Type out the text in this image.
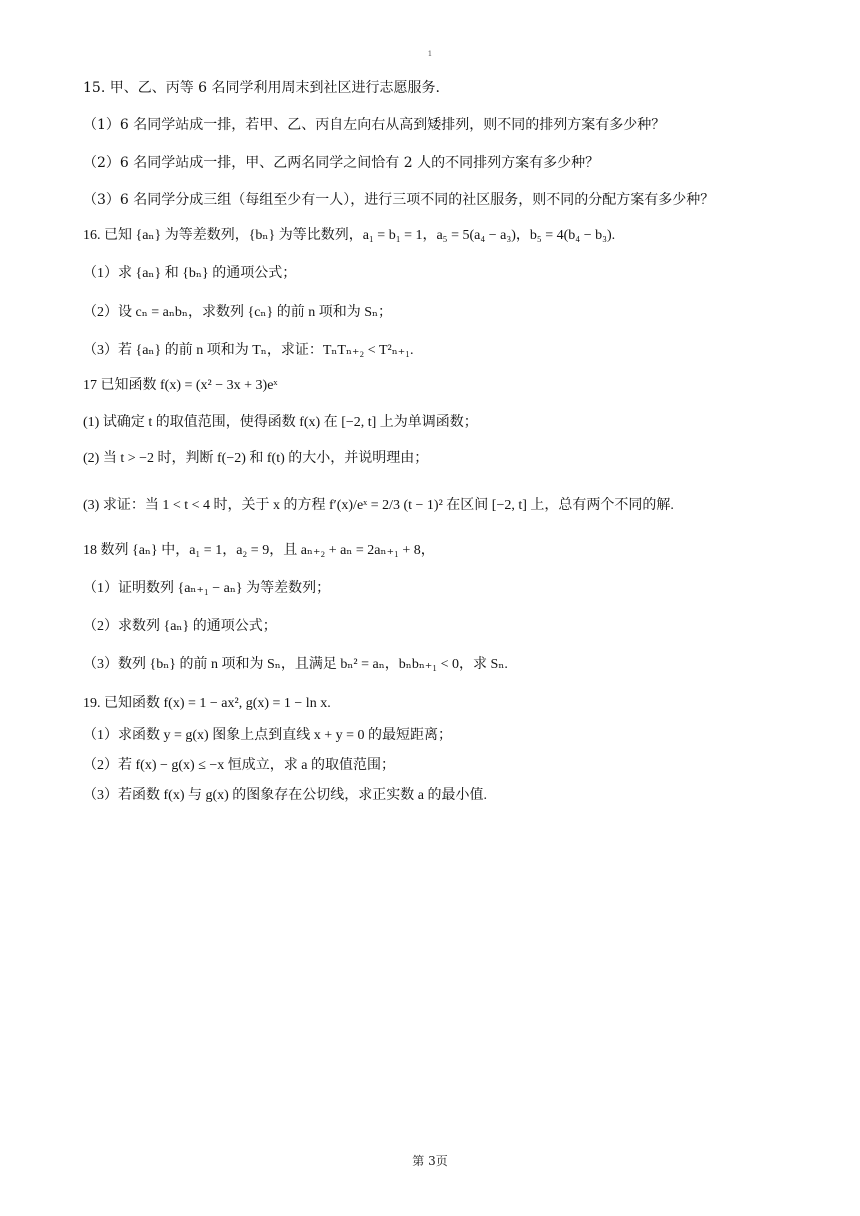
1
15. 甲、乙、丙等 6 名同学利用周末到社区进行志愿服务.
（1）6 名同学站成一排，若甲、乙、丙自左向右从高到矮排列，则不同的排列方案有多少种？
（2）6 名同学站成一排，甲、乙两名同学之间恰有 2 人的不同排列方案有多少种？
（3）6 名同学分成三组（每组至少有一人），进行三项不同的社区服务，则不同的分配方案有多少种？
16. 已知 {aₙ} 为等差数列，{bₙ} 为等比数列，a₁ = b₁ = 1，a₅ = 5(a₄ − a₃)，b₅ = 4(b₄ − b₃).
（1）求 {aₙ} 和 {bₙ} 的通项公式；
（2）设 cₙ = aₙbₙ，求数列 {cₙ} 的前 n 项和为 Sₙ；
（3）若 {aₙ} 的前 n 项和为 Tₙ，求证：TₙTₙ₊₂ < T²ₙ₊₁.
17 已知函数 f(x) = (x² − 3x + 3)eˣ
(1) 试确定 t 的取值范围，使得函数 f(x) 在 [−2, t] 上为单调函数；
(2) 当 t > −2 时，判断 f(−2) 和 f(t) 的大小，并说明理由；
(3) 求证：当 1 < t < 4 时，关于 x 的方程 f′(x)/eˣ = 2/3 (t − 1)² 在区间 [−2, t] 上，总有两个不同的解.
18 数列 {aₙ} 中，a₁ = 1，a₂ = 9，且 aₙ₊₂ + aₙ = 2aₙ₊₁ + 8，
（1）证明数列 {aₙ₊₁ − aₙ} 为等差数列；
（2）求数列 {aₙ} 的通项公式；
（3）数列 {bₙ} 的前 n 项和为 Sₙ，且满足 bₙ² = aₙ，bₙbₙ₊₁ < 0，求 Sₙ.
19. 已知函数 f(x) = 1 − ax², g(x) = 1 − ln x.
（1）求函数 y = g(x) 图象上点到直线 x + y = 0 的最短距离；
（2）若 f(x) − g(x) ≤ −x 恒成立，求 a 的取值范围；
（3）若函数 f(x) 与 g(x) 的图象存在公切线，求正实数 a 的最小值.
第 3页
